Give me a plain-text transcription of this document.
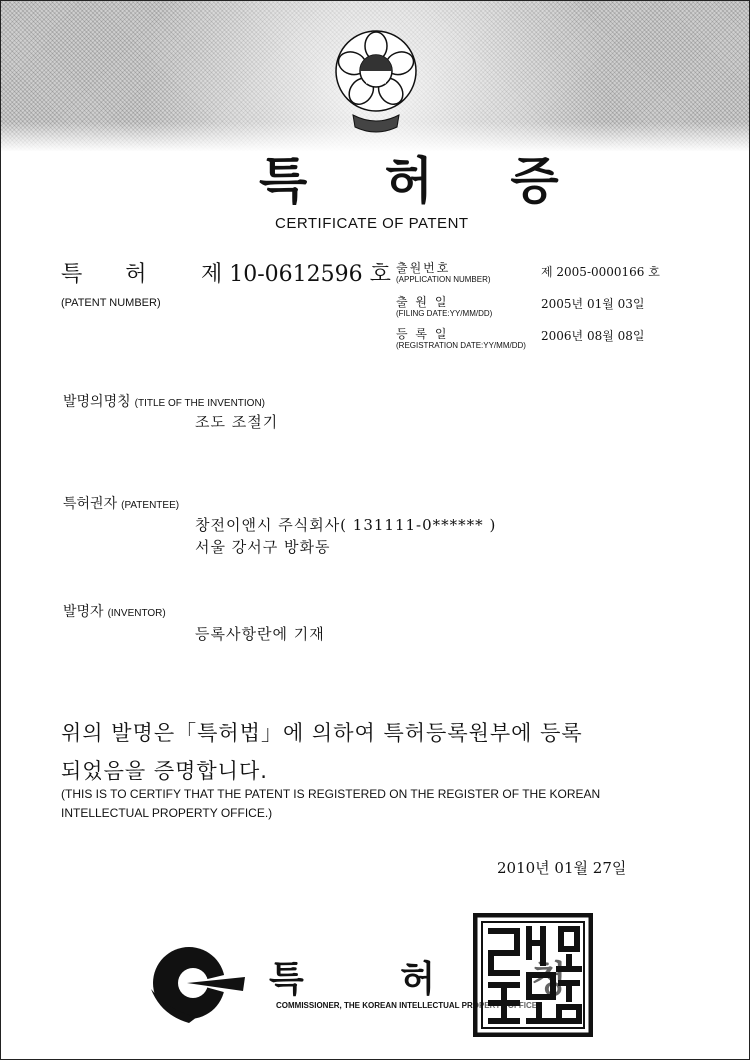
특 허 증
CERTIFICATE OF PATENT
특 허 제 10-0612596 호
(PATENT NUMBER)
출원번호
(APPLICATION NUMBER)
제 2005-0000166 호
출 원 일
(FILING DATE:YY/MM/DD)
2005년 01월 03일
등 록 일
(REGISTRATION DATE:YY/MM/DD)
2006년 08월 08일
발명의명칭 (TITLE OF THE INVENTION)
조도 조절기
특허권자 (PATENTEE)
창전이앤시 주식회사( 131111-0****** )
서울 강서구 방화동
발명자 (INVENTOR)
등록사항란에 기재
위의 발명은「특허법」에 의하여 특허등록원부에 등록
되었음을 증명합니다.
(THIS IS TO CERTIFY THAT THE PATENT IS REGISTERED ON THE REGISTER OF THE KOREAN
INTELLECTUAL PROPERTY OFFICE.)
2010년 01월 27일
특 허 청
COMMISSIONER, THE KOREAN INTELLECTUAL PROPERTY OFFICE
